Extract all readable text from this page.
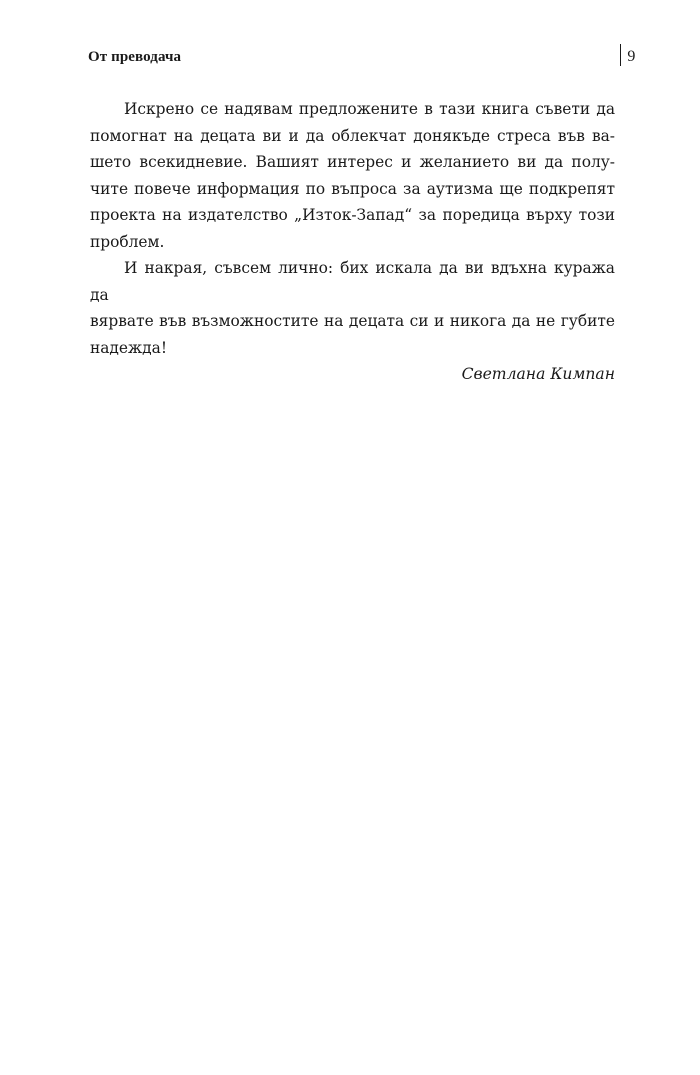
От преводача	9
Искрено се надявам предложените в тази книга съвети да
помогнат на децата ви и да облекчат донякъде стреса във ва-
шето всекидневие. Вашият интерес и желанието ви да полу-
чите повече информация по въпроса за аутизма ще подкрепят
проекта на издателство „Изток-Запад“ за поредица върху този
проблем.
И накрая, съвсем лично: бих искала да ви вдъхна куража да
вярвате във възможностите на децата си и никога да не губите
надежда!

Светлана Кимпан
